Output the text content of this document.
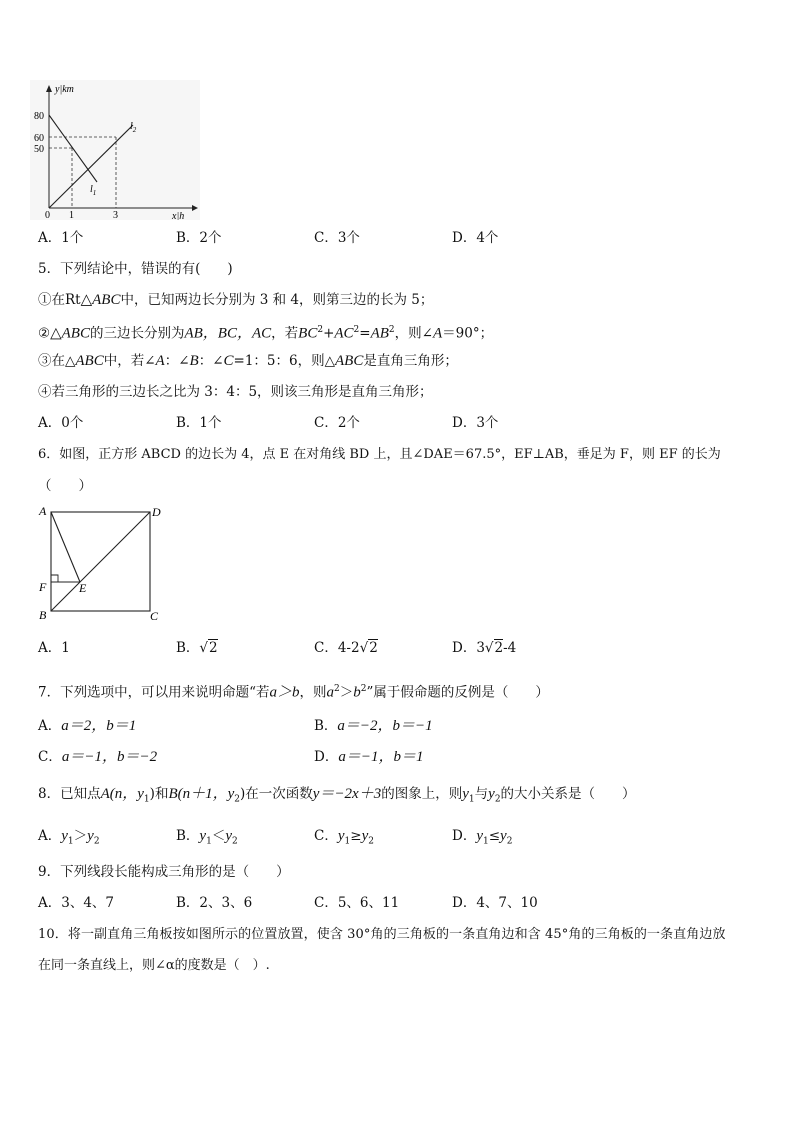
y|km
x|h
80
60
50
0 1	3
$l_1$
$l_2$
A．1个	B．2个	C．3个	D．4个
5．下列结论中，错误的有(　　)
①在Rt△ABC中，已知两边长分别为 3 和 4，则第三边的长为 5；
②△ABC的三边长分别为AB，BC，AC，若$BC^2+AC^2=AB^2$，则∠A＝90°；
③在△ABC中，若∠A：∠B：∠C=1：5：6，则△ABC是直角三角形；
④若三角形的三边长之比为 3：4：5，则该三角形是直角三角形；
A．0个	B．1个	C．2个	D．3个
6．如图，正方形 ABCD 的边长为 4，点 E 在对角线 BD 上，且∠DAE＝67.5°，EF⊥AB，垂足为 F，则 EF 的长为
（　　）
A	D
B	C
F	E
A．1	B．√2	C．4-2√2	D．3√2-4
7．下列选项中，可以用来说明命题“若a＞b，则$a^2>b^2$”属于假命题的反例是（　　）
A．a＝2，b＝1	B．a＝−2，b＝−1
C．a＝−1，b＝−2	D．a＝−1，b＝1
8．已知点A(n，$y_1$)和B(n＋1，$y_2$)在一次函数y＝−2x＋3的图象上，则$y_1$与$y_2$的大小关系是（　　）
A．$y_1>y_2$	B．$y_1<y_2$	C．$y_1\ge y_2$	D．$y_1\le y_2$
9．下列线段长能构成三角形的是（　　）
A．3、4、7	B．2、3、6	C．5、6、11	D．4、7、10
10．将一副直角三角板按如图所示的位置放置，使含 30°角的三角板的一条直角边和含 45°角的三角板的一条直角边放
在同一条直线上，则∠α的度数是（　）.
